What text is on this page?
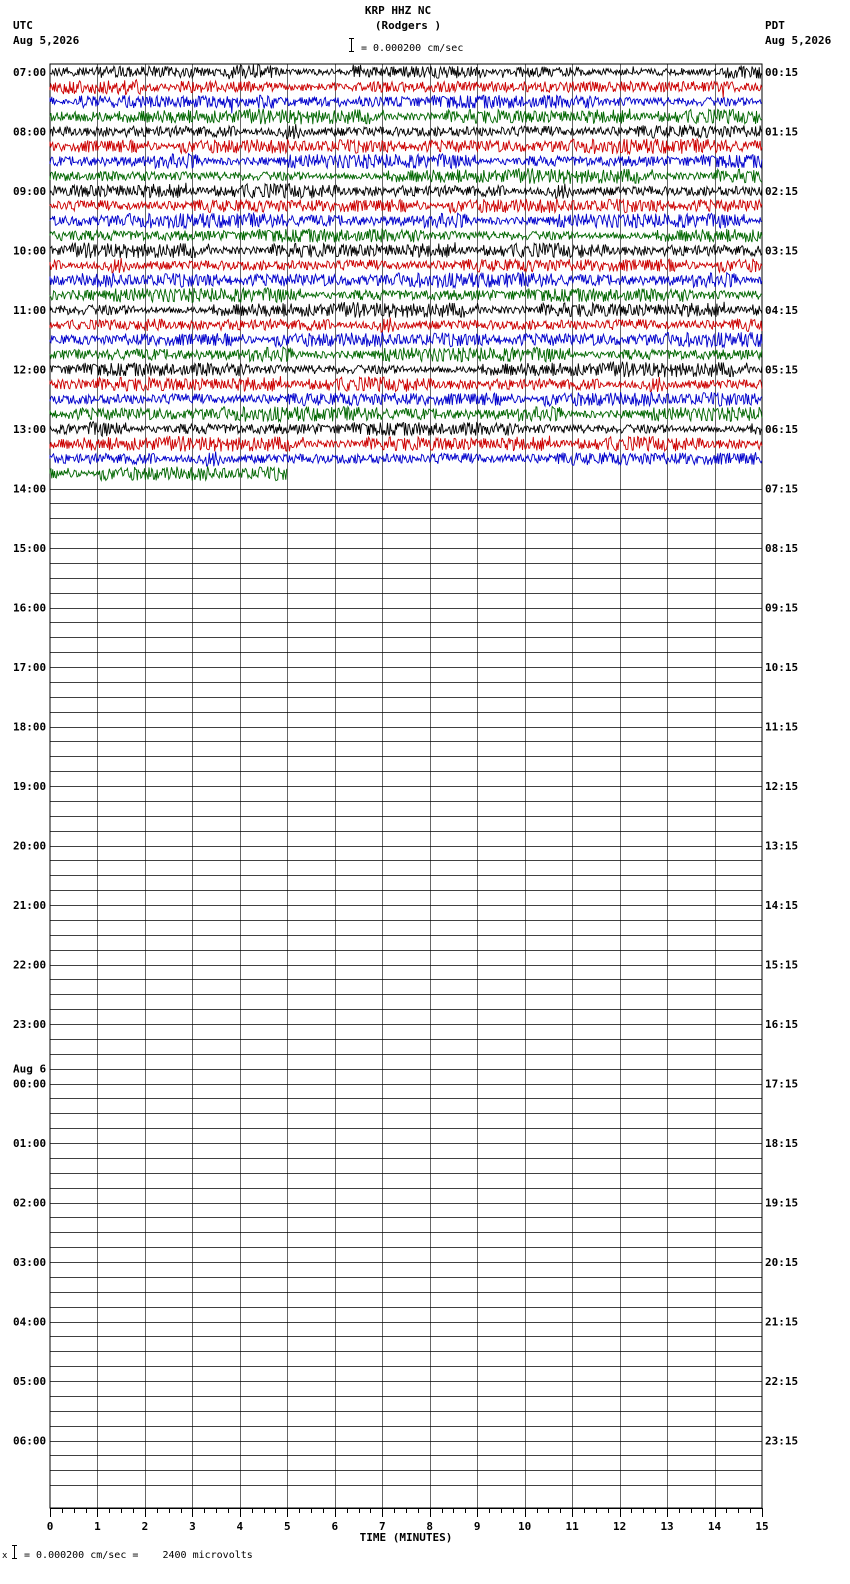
KRP HHZ NC
(Rodgers )
= 0.000200 cm/sec
UTC
Aug 5,2026
PDT
Aug 5,2026
0	1	2	3	4	5	6	7	8	9	10	11	12	13	14	15
TIME (MINUTES)
07:00	00:15
08:00	01:15
09:00	02:15
10:00	03:15
11:00	04:15
12:00	05:15
13:00	06:15
14:00	07:15
15:00	08:15
16:00	09:15
17:00	10:15
18:00	11:15
19:00	12:15
20:00	13:15
21:00	14:15
22:00	15:15
23:00	16:15
00:00	17:15
Aug 6
01:00	18:15
02:00	19:15
03:00	20:15
04:00	21:15
05:00	22:15
06:00	23:15
x = 0.000200 cm/sec =    2400 microvolts
